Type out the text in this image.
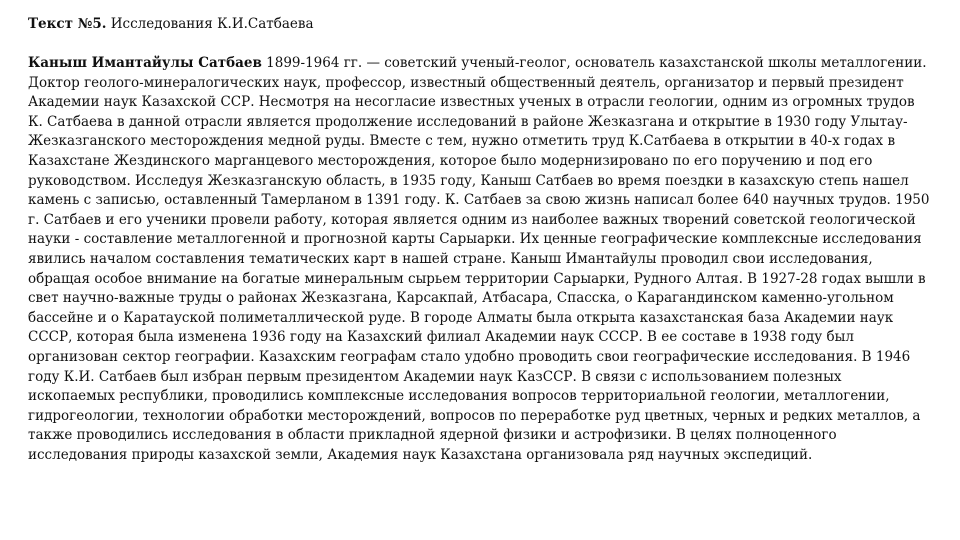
Текст №5. Исследования К.И.Сатбаева

Каныш Имантайулы Сатбаев 1899-1964 гг. — советский ученый-геолог, основатель казахстанской школы металлогении. Доктор геолого-минералогических наук, профессор, известный общественный деятель, организатор и первый президент Академии наук Казахской ССР. Несмотря на несогласие известных ученых в отрасли геологии, одним из огромных трудов К. Сатбаева в данной отрасли является продолжение исследований в районе Жезказгана и открытие в 1930 году Улытау-Жезказганского месторождения медной руды. Вместе с тем, нужно отметить труд К.Сатбаева в открытии в 40-х годах в Казахстане Жездинского марганцевого месторождения, которое было модернизировано по его поручению и под его руководством. Исследуя Жезказганскую область, в 1935 году, Каныш Сатбаев во время поездки в казахскую степь нашел камень с записью, оставленный Тамерланом в 1391 году. К. Сатбаев за свою жизнь написал более 640 научных трудов. 1950 г. Сатбаев и его ученики провели работу, которая является одним из наиболее важных творений советской геологической науки - составление металлогенной и прогнозной карты Сарыарки. Их ценные географические комплексные исследования явились началом составления тематических карт в нашей стране. Каныш Имантайулы проводил свои исследования, обращая особое внимание на богатые минеральным сырьем территории Сарыарки, Рудного Алтая. В 1927-28 годах вышли в свет научно-важные труды о районах Жезказгана, Карсакпай, Атбасара, Спасска, о Карагандинском каменно-угольном бассейне и о Каратауской полиметаллической руде. В городе Алматы была открыта казахстанская база Академии наук СССР, которая была изменена 1936 году на Казахский филиал Академии наук СССР. В ее составе в 1938 году был организован сектор географии. Казахским географам стало удобно проводить свои географические исследования. В 1946 году К.И. Сатбаев был избран первым президентом Академии наук КазССР. В связи с использованием полезных ископаемых республики, проводились комплексные исследования вопросов территориальной геологии, металлогении, гидрогеологии, технологии обработки месторождений, вопросов по переработке руд цветных, черных и редких металлов, а также проводились исследования в области прикладной ядерной физики и астрофизики. В целях полноценного исследования природы казахской земли, Академия наук Казахстана организовала ряд научных экспедиций.
